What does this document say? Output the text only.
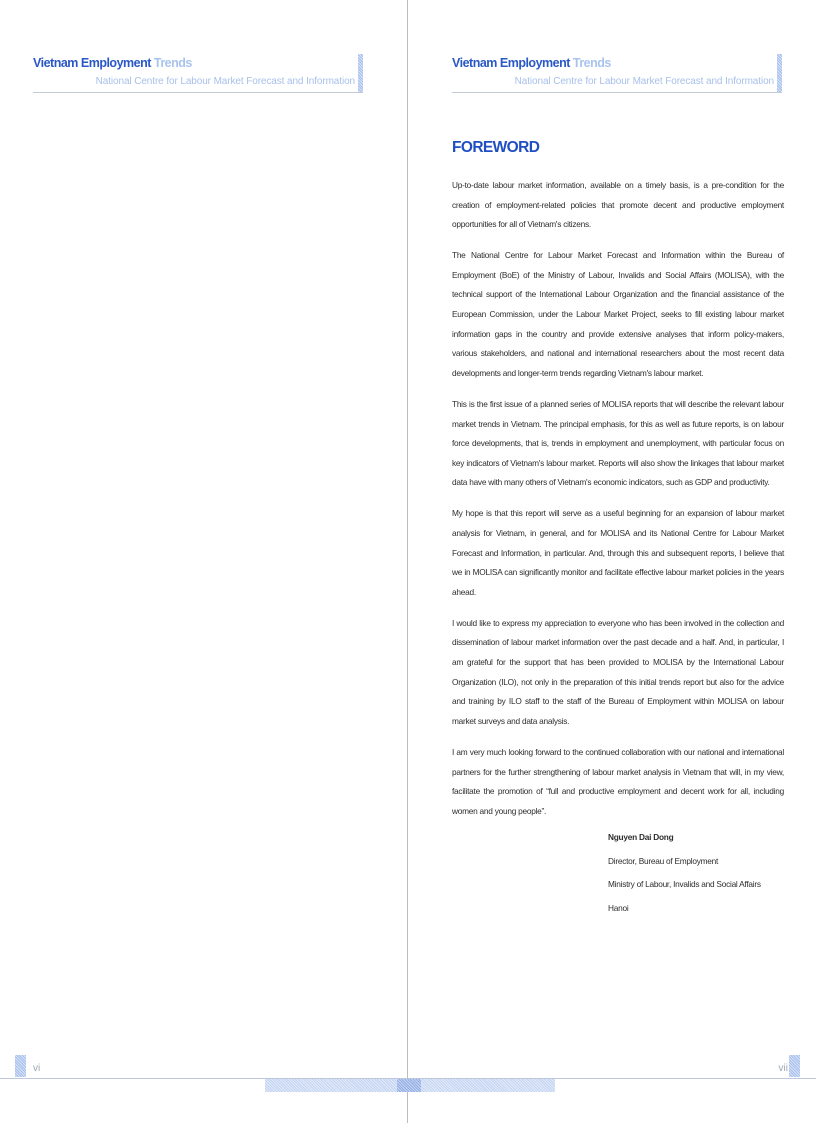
Vietnam Employment Trends
National Centre for Labour Market Forecast and Information
vi
Vietnam Employment Trends
National Centre for Labour Market Forecast and Information
FOREWORD

Up-to-date labour market information, available on a timely basis, is a pre-condition for the creation of employment-related policies that promote decent and productive employment opportunities for all of Vietnam's citizens.

The National Centre for Labour Market Forecast and Information within the Bureau of Employment (BoE) of the Ministry of Labour, Invalids and Social Affairs (MOLISA), with the technical support of the International Labour Organization and the financial assistance of the European Commission, under the Labour Market Project, seeks to fill existing labour market information gaps in the country and provide extensive analyses that inform policy-makers, various stakeholders, and national and international researchers about the most recent data developments and longer-term trends regarding Vietnam's labour market.

This is the first issue of a planned series of MOLISA reports that will describe the relevant labour market trends in Vietnam. The principal emphasis, for this as well as future reports, is on labour force developments, that is, trends in employment and unemployment, with particular focus on key indicators of Vietnam's labour market. Reports will also show the linkages that labour market data have with many others of Vietnam's economic indicators, such as GDP and productivity.

My hope is that this report will serve as a useful beginning for an expansion of labour market analysis for Vietnam, in general, and for MOLISA and its National Centre for Labour Market Forecast and Information, in particular. And, through this and subsequent reports, I believe that we in MOLISA can significantly monitor and facilitate effective labour market policies in the years ahead.

I would like to express my appreciation to everyone who has been involved in the collection and dissemination of labour market information over the past decade and a half. And, in particular, I am grateful for the support that has been provided to MOLISA by the International Labour Organization (ILO), not only in the preparation of this initial trends report but also for the advice and training by ILO staff to the staff of the Bureau of Employment within MOLISA on labour market surveys and data analysis.

I am very much looking forward to the continued collaboration with our national and international partners for the further strengthening of labour market analysis in Vietnam that will, in my view, facilitate the promotion of “full and productive employment and decent work for all, including women and young people”.

Nguyen Dai Dong
Director, Bureau of Employment
Ministry of Labour, Invalids and Social Affairs
Hanoi
vii
